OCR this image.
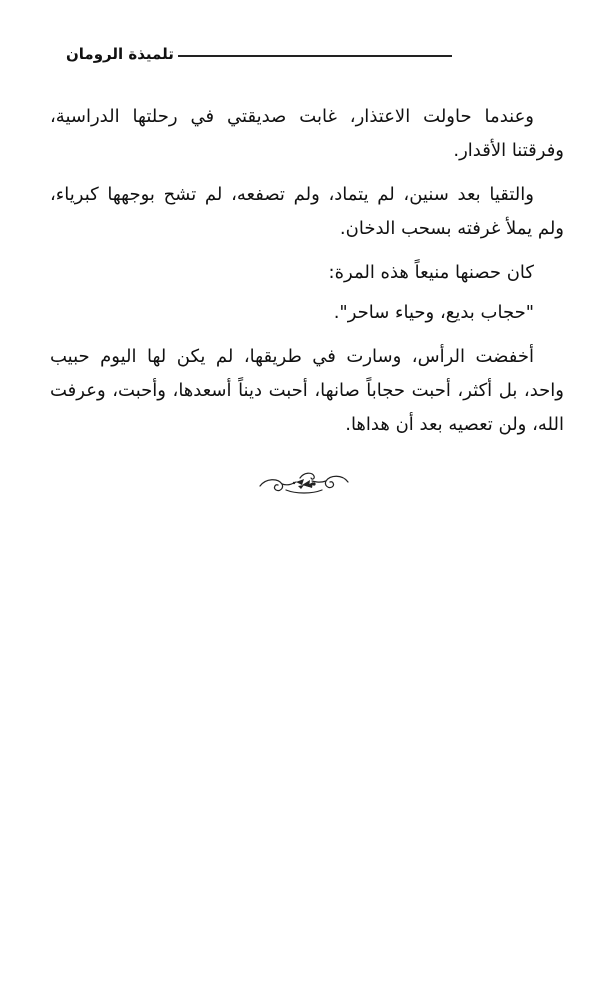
تلميذة الرومان

وعندما حاولت الاعتذار، غابت صديقتي في رحلتها الدراسية، وفرقتنا الأقدار.

والتقيا بعد سنين، لم يتماد، ولم تصفعه، لم تشح بوجهها كبرياء، ولم يملأ غرفته بسحب الدخان.

كان حصنها منيعاً هذه المرة:

"حجاب بديع، وحياء ساحر".

أخفضت الرأس، وسارت في طريقها، لم يكن لها اليوم حبيب واحد، بل أكثر، أحبت حجاباً صانها، أحبت ديناً أسعدها، وأحبت، وعرفت الله، ولن تعصيه بعد أن هداها.
